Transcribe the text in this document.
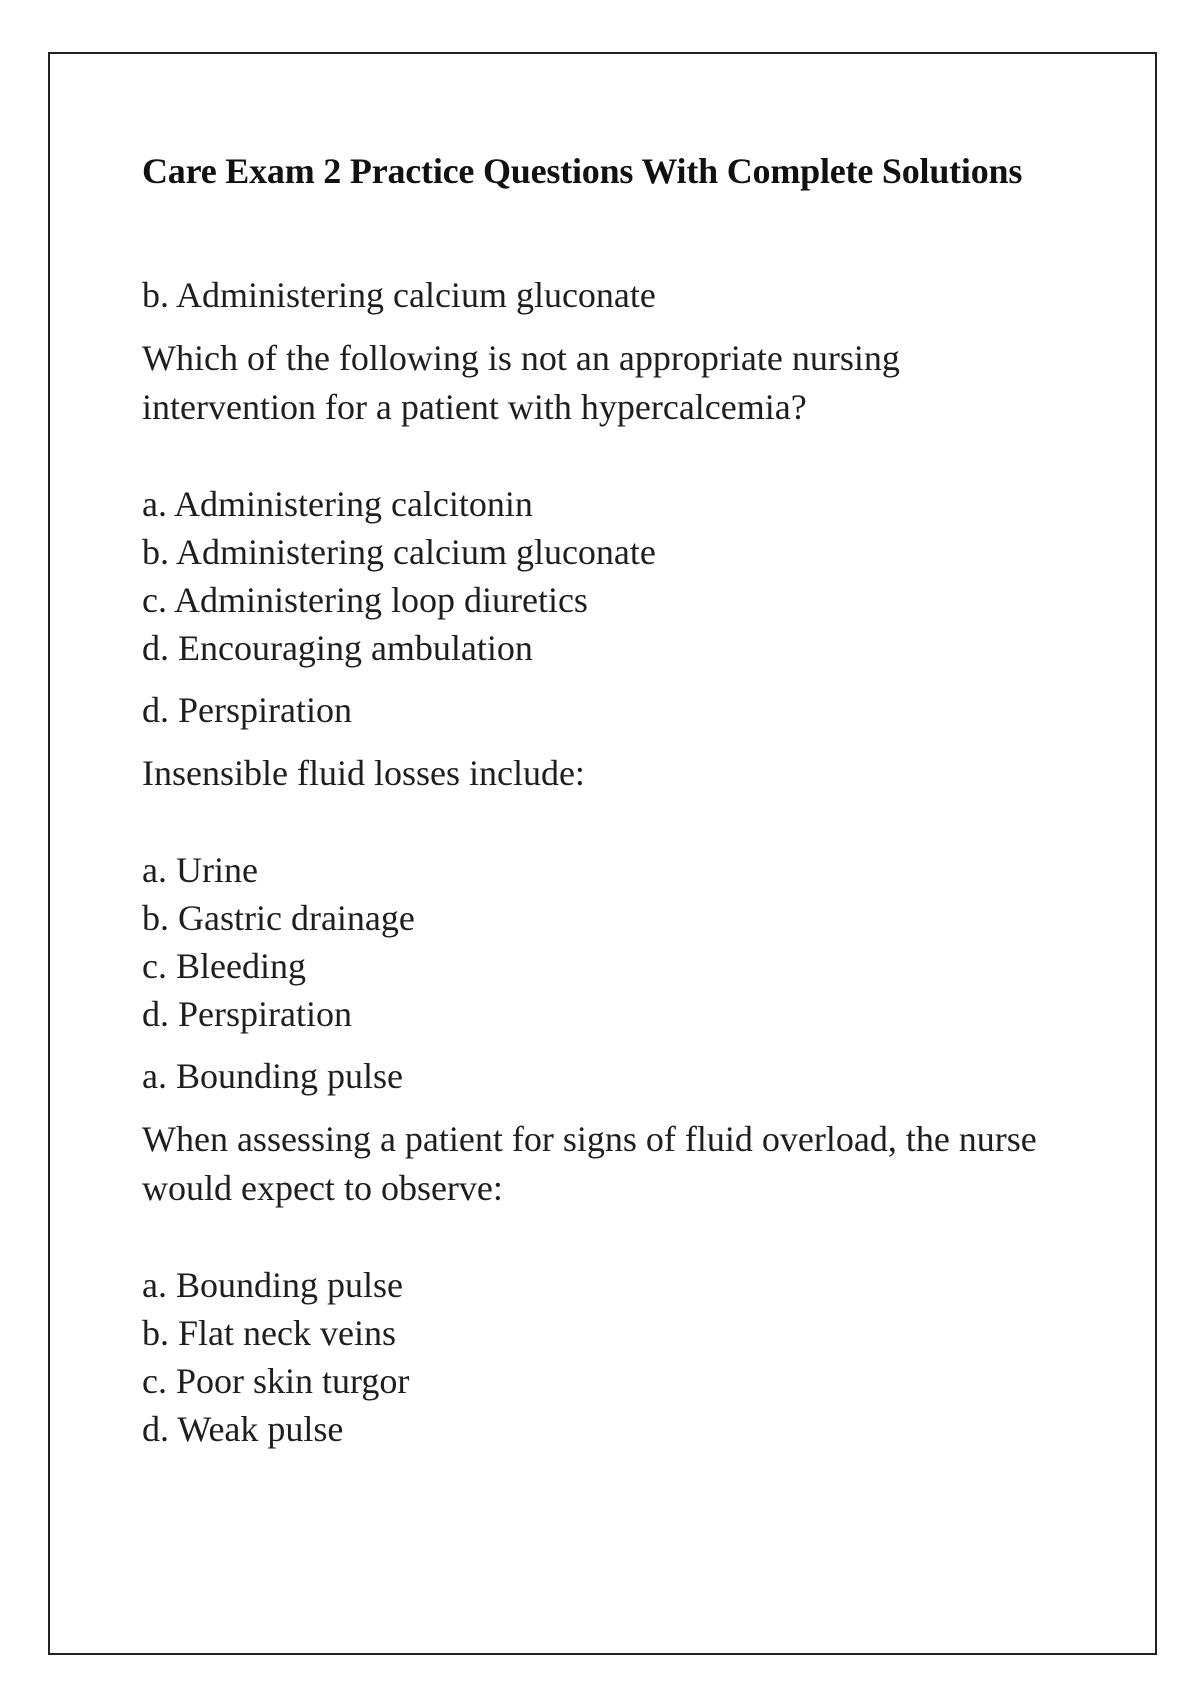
Care Exam 2 Practice Questions With Complete Solutions

b. Administering calcium gluconate

Which of the following is not an appropriate nursing intervention for a patient with hypercalcemia?

a. Administering calcitonin

b. Administering calcium gluconate

c. Administering loop diuretics

d. Encouraging ambulation

d. Perspiration

Insensible fluid losses include:

a. Urine

b. Gastric drainage

c. Bleeding

d. Perspiration

a. Bounding pulse

When assessing a patient for signs of fluid overload, the nurse would expect to observe:

a. Bounding pulse

b. Flat neck veins

c. Poor skin turgor

d. Weak pulse
